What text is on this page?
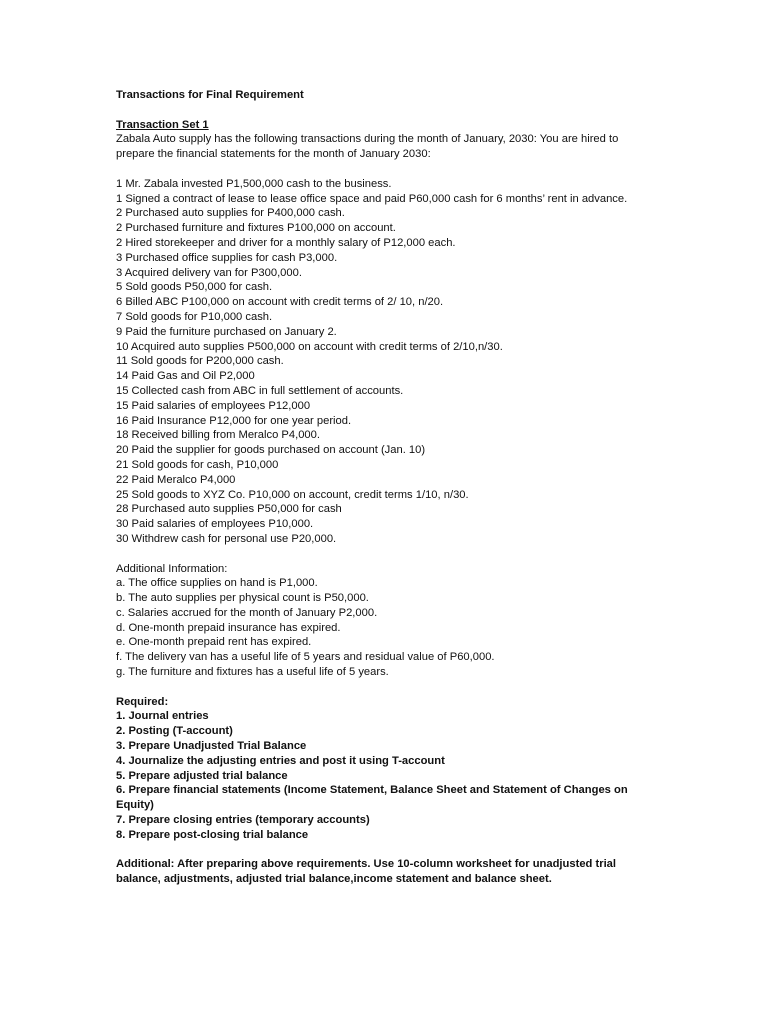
Transactions for Final Requirement
Transaction Set 1
Zabala Auto supply has the following transactions during the month of January, 2030: You are hired to
prepare the financial statements for the month of January 2030:
1 Mr. Zabala invested P1,500,000 cash to the business.
1 Signed a contract of lease to lease office space and paid P60,000 cash for 6 months’ rent in advance.
2 Purchased auto supplies for P400,000 cash.
2 Purchased furniture and fixtures P100,000 on account.
2 Hired storekeeper and driver for a monthly salary of P12,000 each.
3 Purchased office supplies for cash P3,000.
3 Acquired delivery van for P300,000.
5 Sold goods P50,000 for cash.
6 Billed ABC P100,000 on account with credit terms of 2/ 10, n/20.
7 Sold goods for P10,000 cash.
9 Paid the furniture purchased on January 2.
10 Acquired auto supplies P500,000 on account with credit terms of 2/10,n/30.
11 Sold goods for P200,000 cash.
14 Paid Gas and Oil P2,000
15 Collected cash from ABC in full settlement of accounts.
15 Paid salaries of employees P12,000
16 Paid Insurance P12,000 for one year period.
18 Received billing from Meralco P4,000.
20 Paid the supplier for goods purchased on account (Jan. 10)
21 Sold goods for cash, P10,000
22 Paid Meralco P4,000
25 Sold goods to XYZ Co. P10,000 on account, credit terms 1/10, n/30.
28 Purchased auto supplies P50,000 for cash
30 Paid salaries of employees P10,000.
30 Withdrew cash for personal use P20,000.
Additional Information:
a. The office supplies on hand is P1,000.
b. The auto supplies per physical count is P50,000.
c. Salaries accrued for the month of January P2,000.
d. One-month prepaid insurance has expired.
e. One-month prepaid rent has expired.
f. The delivery van has a useful life of 5 years and residual value of P60,000.
g. The furniture and fixtures has a useful life of 5 years.
Required:
1. Journal entries
2. Posting (T-account)
3. Prepare Unadjusted Trial Balance
4. Journalize the adjusting entries and post it using T-account
5. Prepare adjusted trial balance
6. Prepare financial statements (Income Statement, Balance Sheet and Statement of Changes on
Equity)
7. Prepare closing entries (temporary accounts)
8. Prepare post-closing trial balance
Additional: After preparing above requirements. Use 10-column worksheet for unadjusted trial
balance, adjustments, adjusted trial balance,income statement and balance sheet.
